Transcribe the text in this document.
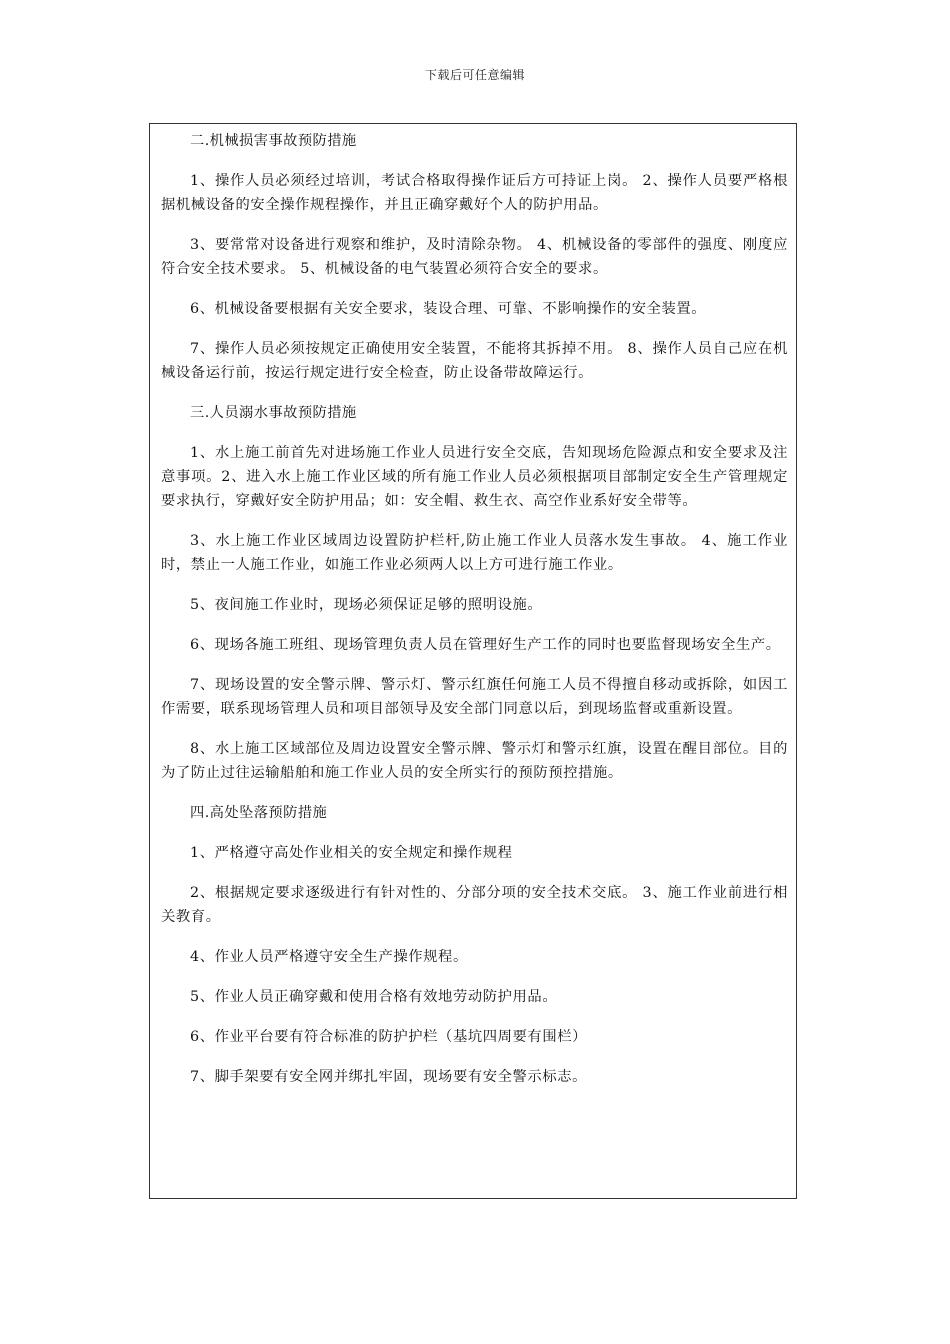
下载后可任意编辑

二.机械损害事故预防措施

1、操作人员必须经过培训，考试合格取得操作证后方可持证上岗。 2、操作人员要严格根据机械设备的安全操作规程操作，并且正确穿戴好个人的防护用品。

3、要常常对设备进行观察和维护，及时清除杂物。 4、机械设备的零部件的强度、刚度应符合安全技术要求。 5、机械设备的电气装置必须符合安全的要求。

6、机械设备要根据有关安全要求，装设合理、可靠、不影响操作的安全装置。

7、操作人员必须按规定正确使用安全装置，不能将其拆掉不用。 8、操作人员自己应在机械设备运行前，按运行规定进行安全检查，防止设备带故障运行。

三.人员溺水事故预防措施

1、水上施工前首先对进场施工作业人员进行安全交底，告知现场危险源点和安全要求及注意事项。2、进入水上施工作业区域的所有施工作业人员必须根据项目部制定安全生产管理规定要求执行，穿戴好安全防护用品；如：安全帽、救生衣、高空作业系好安全带等。

3、水上施工作业区域周边设置防护栏杆,防止施工作业人员落水发生事故。 4、施工作业时，禁止一人施工作业，如施工作业必须两人以上方可进行施工作业。

5、夜间施工作业时，现场必须保证足够的照明设施。

6、现场各施工班组、现场管理负责人员在管理好生产工作的同时也要监督现场安全生产。

7、现场设置的安全警示牌、警示灯、警示红旗任何施工人员不得擅自移动或拆除，如因工作需要，联系现场管理人员和项目部领导及安全部门同意以后，到现场监督或重新设置。

8、水上施工区域部位及周边设置安全警示牌、警示灯和警示红旗，设置在醒目部位。目的为了防止过往运输船舶和施工作业人员的安全所实行的预防预控措施。

四.高处坠落预防措施

1、严格遵守高处作业相关的安全规定和操作规程

2、根据规定要求逐级进行有针对性的、分部分项的安全技术交底。 3、施工作业前进行相关教育。

4、作业人员严格遵守安全生产操作规程。

5、作业人员正确穿戴和使用合格有效地劳动防护用品。

6、作业平台要有符合标准的防护护栏（基坑四周要有围栏）

7、脚手架要有安全网并绑扎牢固，现场要有安全警示标志。
